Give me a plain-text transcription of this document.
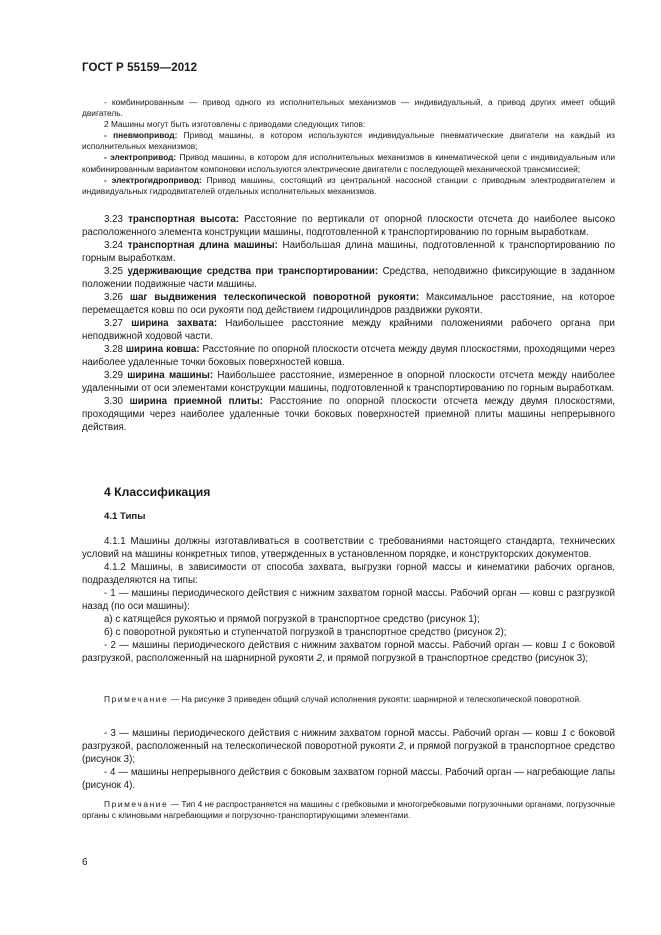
ГОСТ Р 55159—2012

- комбинированным — привод одного из исполнительных механизмов — индивидуальный, а привод других имеет общий двигатель.

2 Машины могут быть изготовлены с приводами следующих типов:

- пневмопривод: Привод машины, в котором используются индивидуальные пневматические двигатели на каждый из исполнительных механизмов;

- электропривод: Привод машины, в котором для исполнительных механизмов в кинематической цепи с индивидуальным или комбинированным вариантом компоновки используются электрические двигатели с последующей механической трансмиссией;

- электрогидропривод: Привод машины, состоящий из центральной насосной станции с приводным электродвигателем и индивидуальных гидродвигателей отдельных исполнительных механизмов.

3.23 транспортная высота: Расстояние по вертикали от опорной плоскости отсчета до наиболее высоко расположенного элемента конструкции машины, подготовленной к транспортированию по горным выработкам.

3.24 транспортная длина машины: Наибольшая длина машины, подготовленной к транспортированию по горным выработкам.

3.25 удерживающие средства при транспортировании: Средства, неподвижно фиксирующие в заданном положении подвижные части машины.

3.26 шаг выдвижения телескопической поворотной рукояти: Максимальное расстояние, на которое перемещается ковш по оси рукояти под действием гидроцилиндров раздвижки рукояти.

3.27 ширина захвата: Наибольшее расстояние между крайними положениями рабочего органа при неподвижной ходовой части.

3.28 ширина ковша: Расстояние по опорной плоскости отсчета между двумя плоскостями, проходящими через наиболее удаленные точки боковых поверхностей ковша.

3.29 ширина машины: Наибольшее расстояние, измеренное в опорной плоскости отсчета между наиболее удаленными от оси элементами конструкции машины, подготовленной к транспортированию по горным выработкам.

3.30 ширина приемной плиты: Расстояние по опорной плоскости отсчета между двумя плоскостями, проходящими через наиболее удаленные точки боковых поверхностей приемной плиты машины непрерывного действия.

4 Классификация

4.1 Типы

4.1.1 Машины должны изготавливаться в соответствии с требованиями настоящего стандарта, технических условий на машины конкретных типов, утвержденных в установленном порядке, и конструкторских документов.

4.1.2 Машины, в зависимости от способа захвата, выгрузки горной массы и кинематики рабочих органов, подразделяются на типы:

- 1 — машины периодического действия с нижним захватом горной массы. Рабочий орган — ковш с разгрузкой назад (по оси машины):

а) с катящейся рукоятью и прямой погрузкой в транспортное средство (рисунок 1);

б) с поворотной рукоятью и ступенчатой погрузкой в транспортное средство (рисунок 2);

- 2 — машины периодического действия с нижним захватом горной массы. Рабочий орган — ковш 1 с боковой разгрузкой, расположенный на шарнирной рукояти 2, и прямой погрузкой в транспортное средство (рисунок 3);

Примечание — На рисунке 3 приведен общий случай исполнения рукояти: шарнирной и телескопической поворотной.

- 3 — машины периодического действия с нижним захватом горной массы. Рабочий орган — ковш 1 с боковой разгрузкой, расположенный на телескопической поворотной рукояти 2, и прямой погрузкой в транспортное средство (рисунок 3);

- 4 — машины непрерывного действия с боковым захватом горной массы. Рабочий орган — нагребающие лапы (рисунок 4).

Примечание — Тип 4 не распространяется на машины с гребковыми и многогребковыми погрузочными органами, погрузочные органы с клиновыми нагребающими и погрузочно-транспортирующими элементами.

6
